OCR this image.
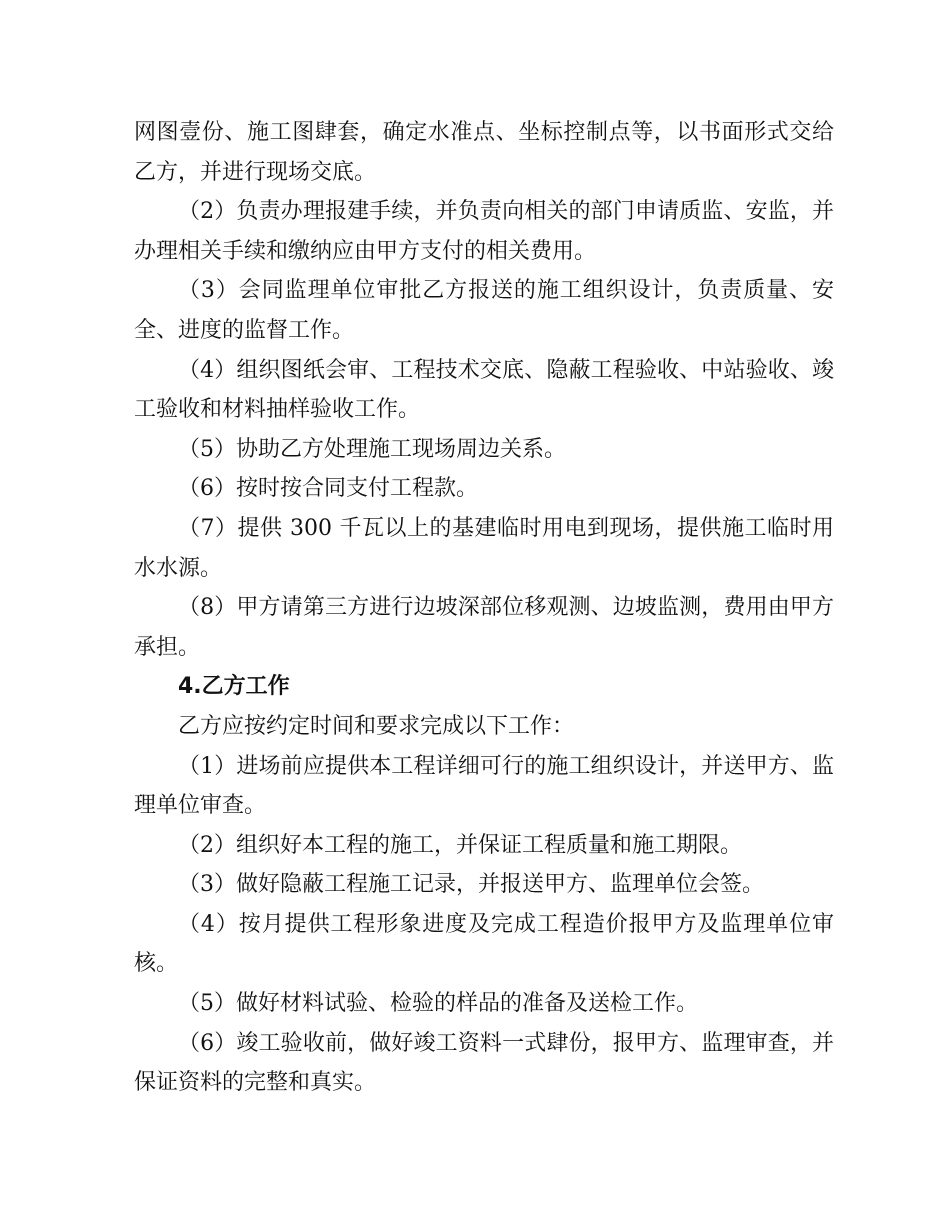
网图壹份、施工图肆套，确定水准点、坐标控制点等，以书面形式交给乙方，并进行现场交底。

（2）负责办理报建手续，并负责向相关的部门申请质监、安监，并办理相关手续和缴纳应由甲方支付的相关费用。

（3）会同监理单位审批乙方报送的施工组织设计，负责质量、安全、进度的监督工作。

（4）组织图纸会审、工程技术交底、隐蔽工程验收、中站验收、竣工验收和材料抽样验收工作。

（5）协助乙方处理施工现场周边关系。

（6）按时按合同支付工程款。

（7）提供 300 千瓦以上的基建临时用电到现场，提供施工临时用水水源。

（8）甲方请第三方进行边坡深部位移观测、边坡监测，费用由甲方承担。

4.乙方工作

乙方应按约定时间和要求完成以下工作：

（1）进场前应提供本工程详细可行的施工组织设计，并送甲方、监理单位审查。

（2）组织好本工程的施工，并保证工程质量和施工期限。

（3）做好隐蔽工程施工记录，并报送甲方、监理单位会签。

（4）按月提供工程形象进度及完成工程造价报甲方及监理单位审核。

（5）做好材料试验、检验的样品的准备及送检工作。

（6）竣工验收前，做好竣工资料一式肆份，报甲方、监理审查，并保证资料的完整和真实。
